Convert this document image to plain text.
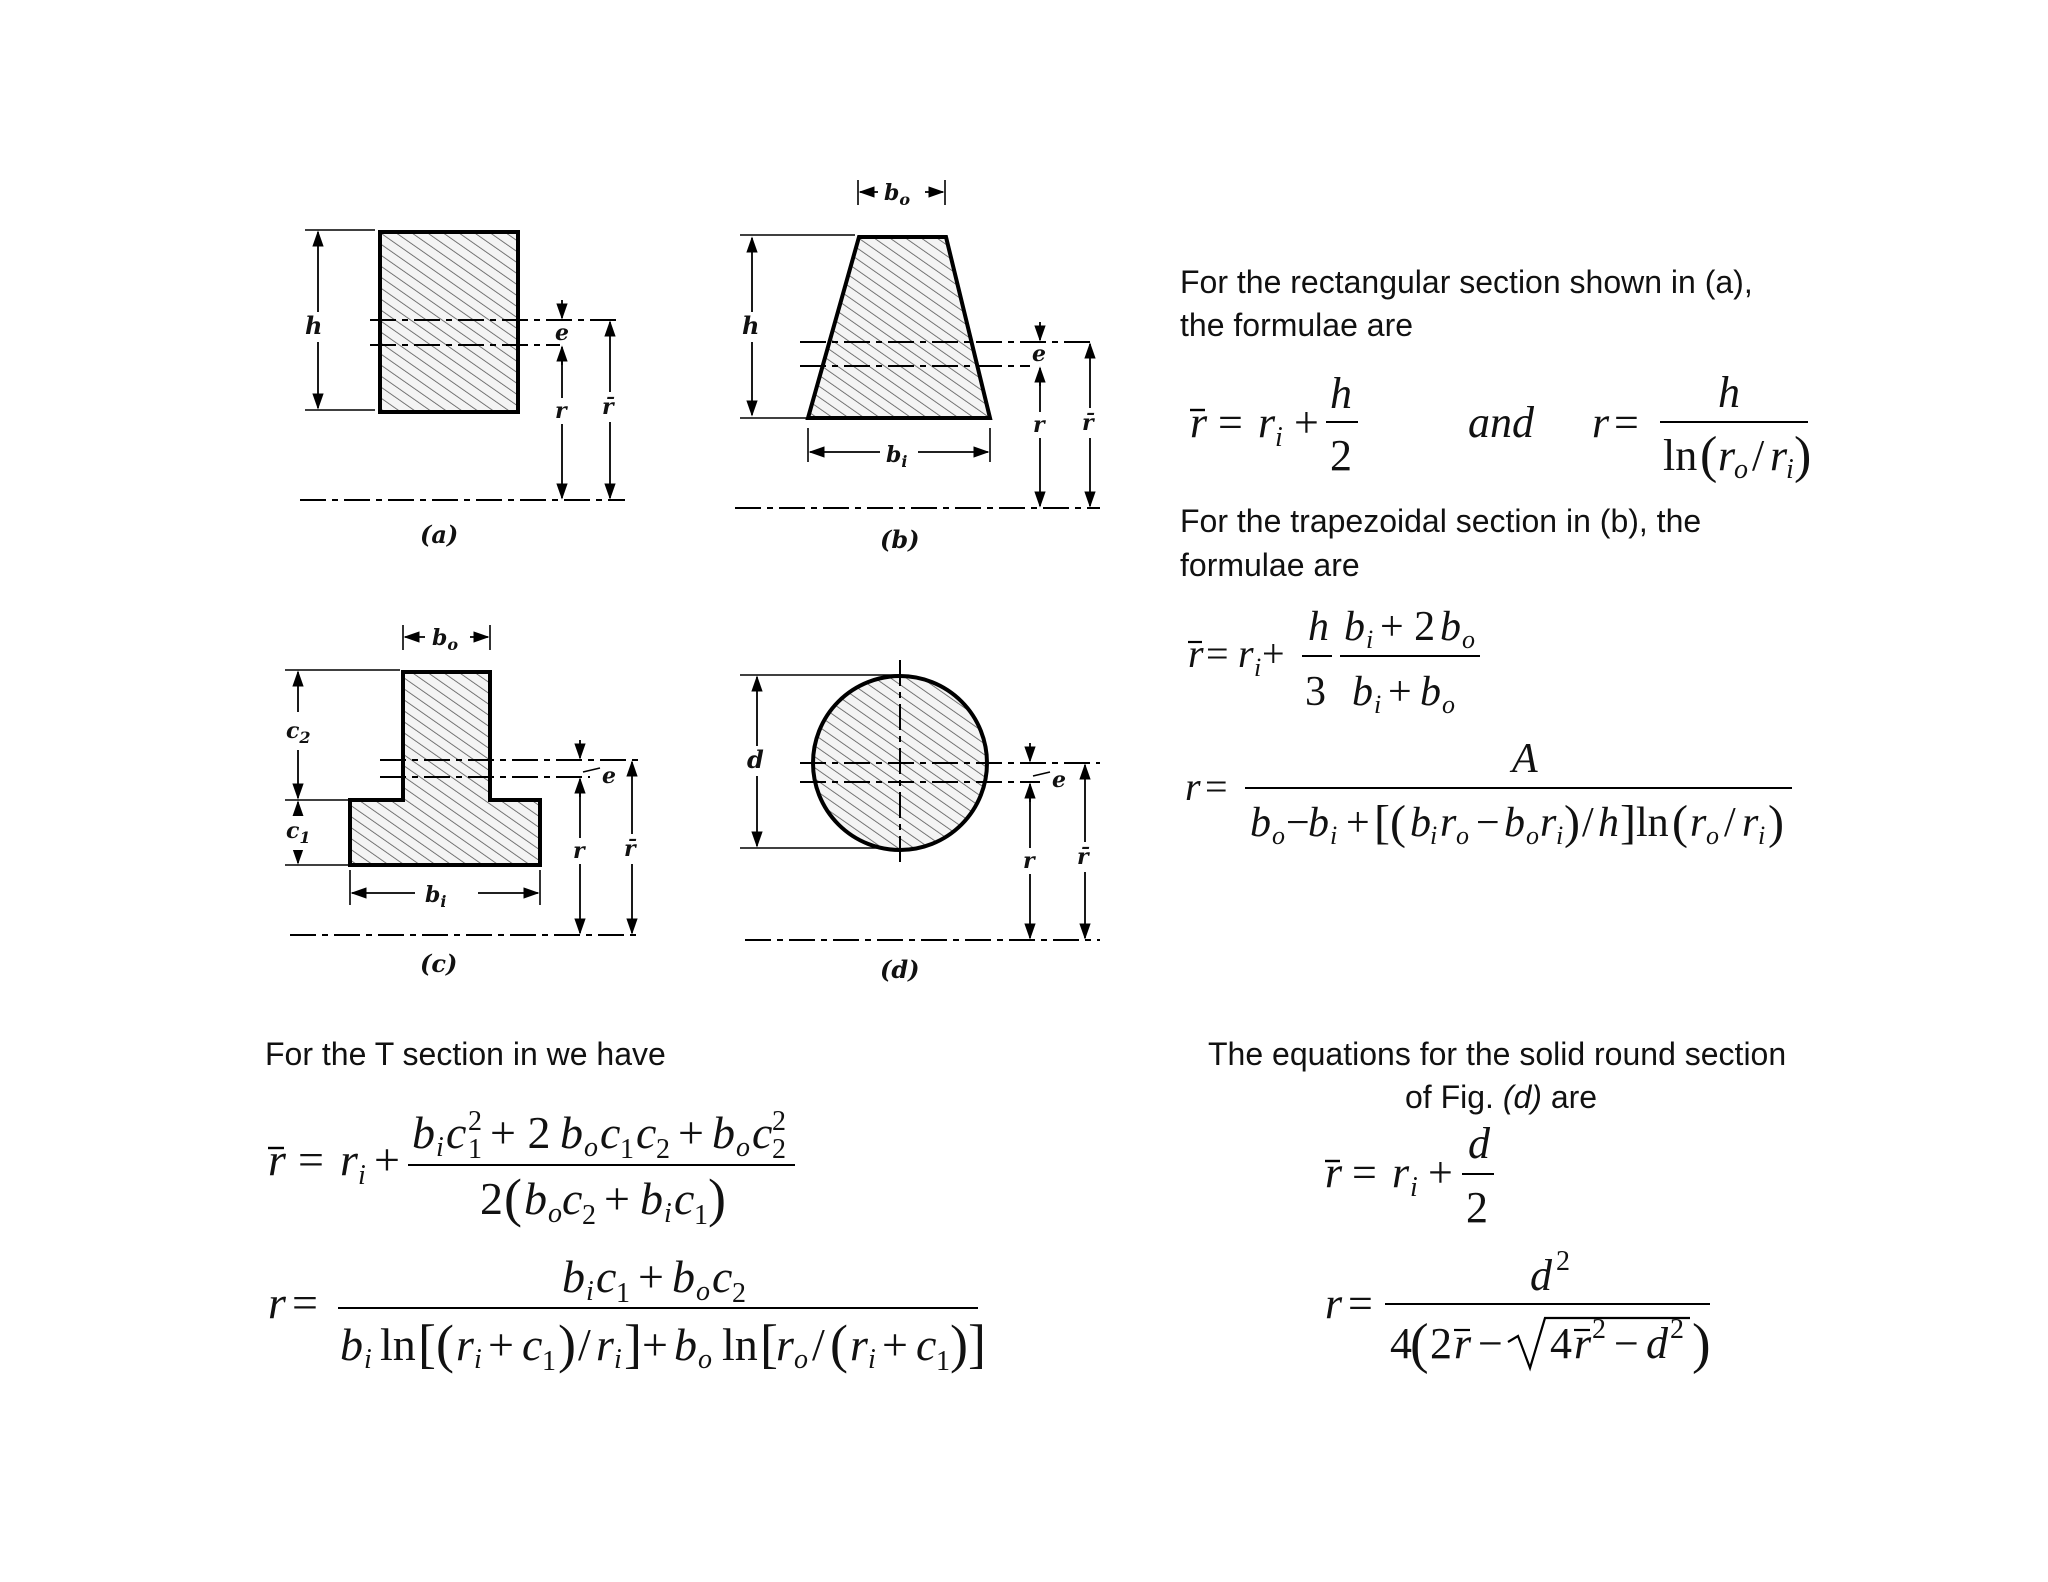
h	e
r r̄
(a)
$b_o$
h
$b_i$
e
r r̄
(b)
$b_o$
$c_2$
$c_1$
$b_i$
e
r r̄
(c)
d
e
r r̄
(d)
For the rectangular section shown in (a),
the formulae are
r = r i +
h
2
and r =
h
ln ( r
o / r
i )
For the trapezoidal section in (b), the
formulae are
r = r i +
h
3
b i + 2 b o
b i + b o
r =
A
b o −
b i + [( b i r o − b o r i ) / h ] ln ( r o / r i )
For the T section in we have
r = r i +
b i c 2
1 + 2 b o c 1 c 2 + b o c 2
2
2 ( b o c 2 + b i c 1 )
r =
b i c 1 + b o c 2
b i ln [( r i + c 1 ) / r i ] + b o ln [
r o / ( r i + c 1 )]
The equations for the solid round section
of Fig. (d) are
r = r i +
d
2
r =
d 2
4
( 2 r − 4 r 2 − d 2 )
